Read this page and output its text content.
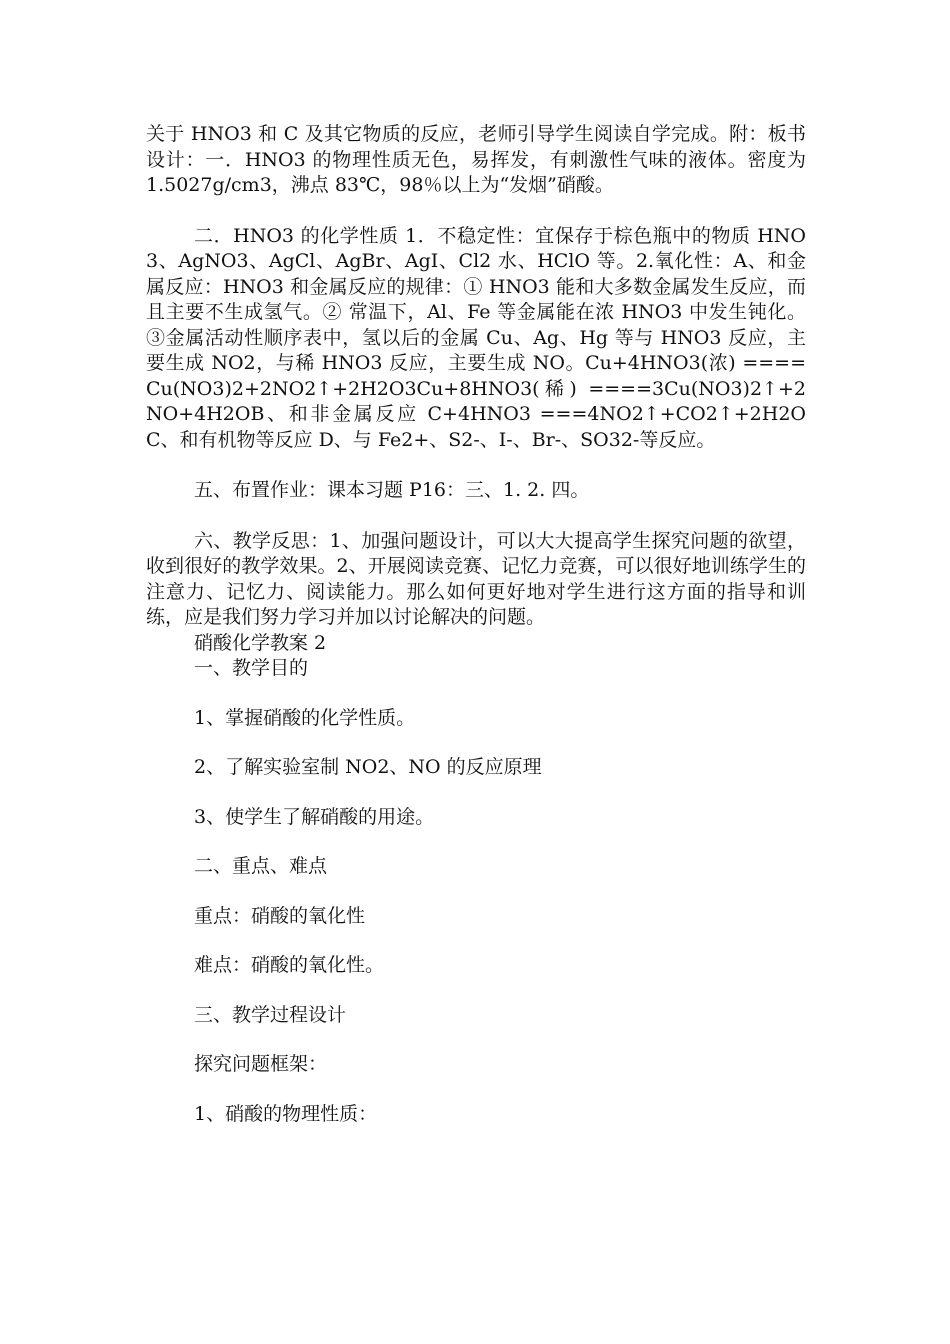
关于 HNO3 和 C 及其它物质的反应，老师引导学生阅读自学完成。附：板书设计：一．HNO3 的物理性质无色，易挥发，有刺激性气味的液体。密度为 1.5027g/cm3，沸点 83℃，98％以上为“发烟”硝酸。

二．HNO3 的化学性质 1．不稳定性：宜保存于棕色瓶中的物质 HNO3、AgNO3、AgCl、AgBr、AgI、Cl2 水、HClO 等。2.氧化性：A、和金属反应：HNO3 和金属反应的规律：① HNO3 能和大多数金属发生反应，而且主要不生成氢气。② 常温下，Al、Fe 等金属能在浓 HNO3 中发生钝化。③金属活动性顺序表中，氢以后的金属 Cu、Ag、Hg 等与 HNO3 反应，主要生成 NO2，与稀 HNO3 反应，主要生成 NO。Cu+4HNO3(浓) ====Cu(NO3)2+2NO2↑+2H2O3Cu+8HNO3(稀) ====3Cu(NO3)2↑+2NO+4H2OB、和非金属反应 C+4HNO3 ===4NO2↑+CO2↑+2H2OC、和有机物等反应 D、与 Fe2+、S2-、I-、Br-、SO32-等反应。

五、布置作业：课本习题 P16：三、1. 2. 四。

六、教学反思：1、加强问题设计，可以大大提高学生探究问题的欲望，收到很好的教学效果。2、开展阅读竞赛、记忆力竞赛，可以很好地训练学生的注意力、记忆力、阅读能力。那么如何更好地对学生进行这方面的指导和训练，应是我们努力学习并加以讨论解决的问题。

硝酸化学教案 2

一、教学目的

1、掌握硝酸的化学性质。

2、了解实验室制 NO2、NO 的反应原理

3、使学生了解硝酸的用途。

二、重点、难点

重点：硝酸的氧化性

难点：硝酸的氧化性。

三、教学过程设计

探究问题框架：

1、硝酸的物理性质：
